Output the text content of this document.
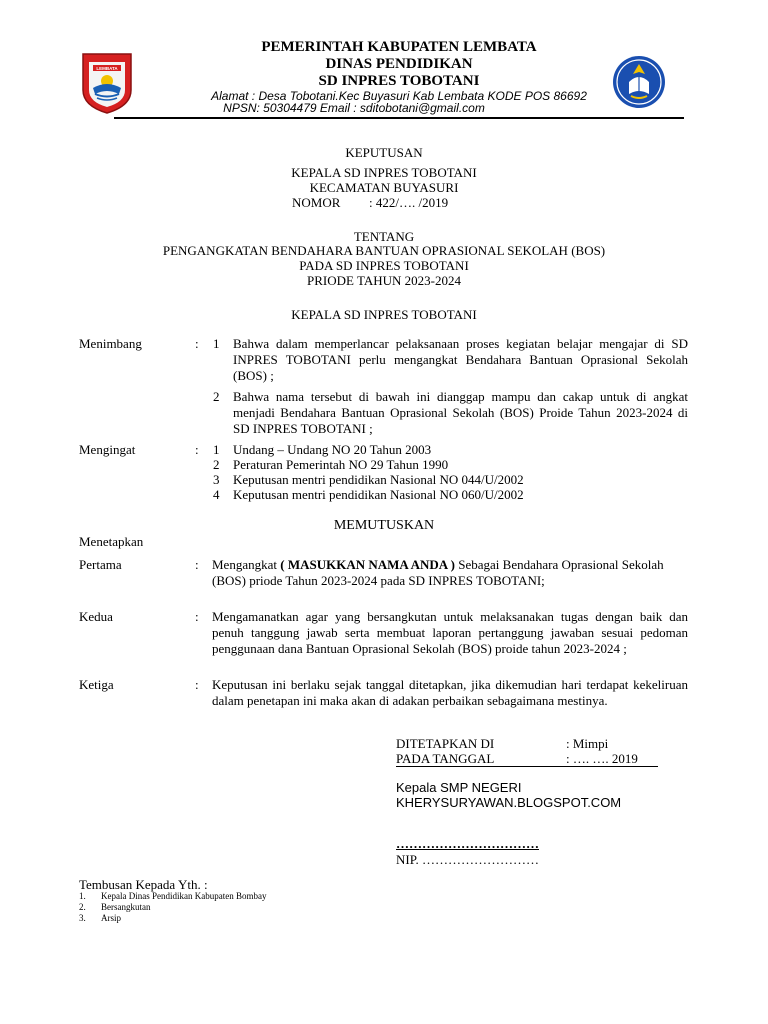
LEMBATA
PEMERINTAH KABUPATEN LEMBATA
DINAS PENDIDIKAN
SD INPRES TOBOTANI
Alamat : Desa Tobotani.Kec Buyasuri Kab Lembata KODE POS 86692
NPSN: 50304479 Email : sditobotani@gmail.com
KEPUTUSAN
KEPALA SD INPRES TOBOTANI
KECAMATAN BUYASURI
NOMOR : 422/…. /2019
TENTANG
PENGANGKATAN BENDAHARA BANTUAN OPRASIONAL SEKOLAH (BOS)
PADA SD INPRES TOBOTANI
PRIODE TAHUN 2023-2024
KEPALA SD INPRES TOBOTANI
Menimbang	: 1 Bahwa dalam memperlancar pelaksanaan proses kegiatan belajar mengajar di SD INPRES TOBOTANI perlu mengangkat Bendahara Bantuan Oprasional Sekolah (BOS) ;
2 Bahwa nama tersebut di bawah ini dianggap mampu dan cakap untuk di angkat menjadi Bendahara Bantuan Oprasional Sekolah (BOS) Proide Tahun 2023-2024 di SD INPRES TOBOTANI ;
Mengingat	: 1 Undang – Undang NO 20 Tahun 2003
2 Peraturan Pemerintah NO 29 Tahun 1990
3 Keputusan mentri pendidikan Nasional NO 044/U/2002
4 Keputusan mentri pendidikan Nasional NO 060/U/2002
MEMUTUSKAN
Menetapkan
Pertama	: Mengangkat ( MASUKKAN NAMA ANDA ) Sebagai Bendahara Oprasional Sekolah (BOS) priode Tahun 2023-2024 pada SD INPRES TOBOTANI;
Kedua	: Mengamanatkan agar yang bersangkutan untuk melaksanakan tugas dengan baik dan penuh tanggung jawab serta membuat laporan pertanggung jawaban sesuai pedoman penggunaan dana Bantuan Oprasional Sekolah (BOS) proide tahun 2023-2024 ;
Ketiga	: Keputusan ini berlaku sejak tanggal ditetapkan, jika dikemudian hari terdapat kekeliruan dalam penetapan ini maka akan di adakan perbaikan sebagaimana mestinya.
DITETAPKAN DI	: Mimpi
PADA TANGGAL	: …. …. 2019
Kepala SMP NEGERI
KHERYSURYAWAN.BLOGSPOT.COM
……………………………
NIP. ………………………
Tembusan Kepada Yth. :
1. Kepala Dinas Pendidikan Kabupaten Bombay
2. Bersangkutan
3. Arsip
